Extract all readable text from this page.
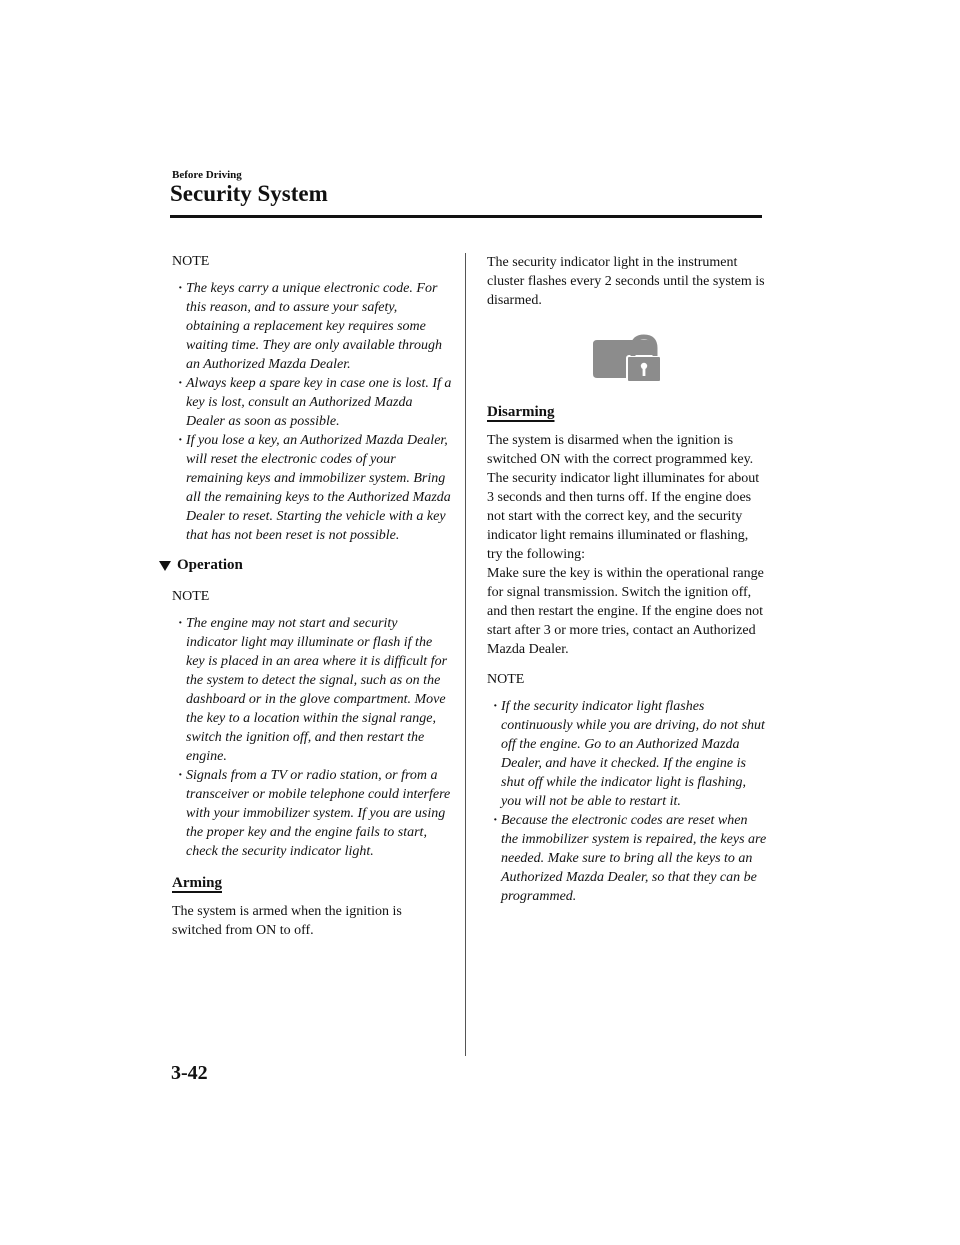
Before Driving
Security System
NOTE
· The keys carry a unique electronic code. For this reason, and to assure your safety, obtaining a replacement key requires some waiting time. They are only available through an Authorized Mazda Dealer.
· Always keep a spare key in case one is lost. If a key is lost, consult an Authorized Mazda Dealer as soon as possible.
· If you lose a key, an Authorized Mazda Dealer, will reset the electronic codes of your remaining keys and immobilizer system. Bring all the remaining keys to the Authorized Mazda Dealer to reset. Starting the vehicle with a key that has not been reset is not possible.
Operation
NOTE
· The engine may not start and security indicator light may illuminate or flash if the key is placed in an area where it is difficult for the system to detect the signal, such as on the dashboard or in the glove compartment. Move the key to a location within the signal range, switch the ignition off, and then restart the engine.
· Signals from a TV or radio station, or from a transceiver or mobile telephone could interfere with your immobilizer system. If you are using the proper key and the engine fails to start, check the security indicator light.
Arming

The system is armed when the ignition is switched from ON to off.

The security indicator light in the instrument cluster flashes every 2 seconds until the system is disarmed.

Disarming

The system is disarmed when the ignition is switched ON with the correct programmed key. The security indicator light illuminates for about 3 seconds and then turns off. If the engine does not start with the correct key, and the security indicator light remains illuminated or flashing, try the following:

Make sure the key is within the operational range for signal transmission. Switch the ignition off, and then restart the engine. If the engine does not start after 3 or more tries, contact an Authorized Mazda Dealer.

NOTE
· If the security indicator light flashes continuously while you are driving, do not shut off the engine. Go to an Authorized Mazda Dealer, and have it checked. If the engine is shut off while the indicator light is flashing, you will not be able to restart it.
· Because the electronic codes are reset when the immobilizer system is repaired, the keys are needed. Make sure to bring all the keys to an Authorized Mazda Dealer, so that they can be programmed.
3-42
